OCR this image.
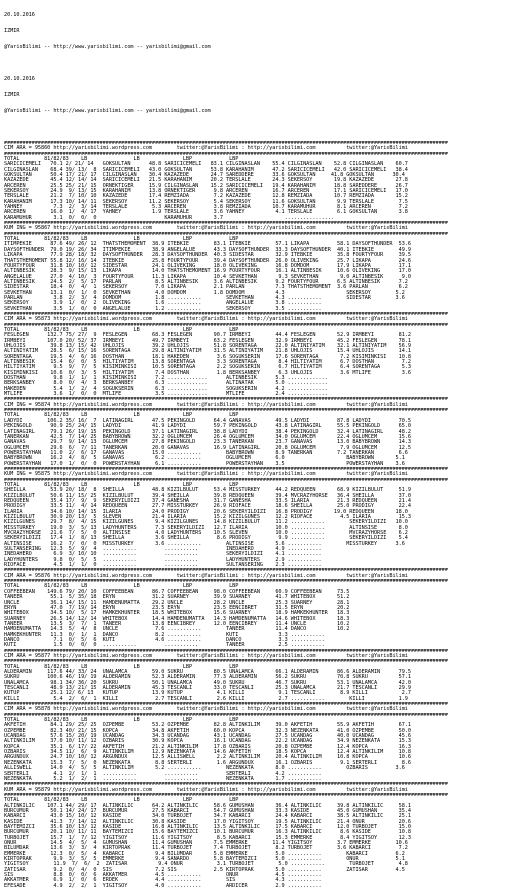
20.10.2016

IZMIR

@YarisBilimi -- http://www.yarisbilimi.com -- yarisbilimi@gmail.com

20.10.2016

IZMIR

@YarisBilimi -- http://www.yarisbilimi.com -- yarisbilimi@gmail.com

################################################################################################################################################
CIM ARA = 95860 http://yarisbilimi.wordpress.com        twitter:@YarisBilimi : http://yarisbilimi.com          twitter:@YarisBilimi
################################################################################################################################################
TOTAL        81/82/83    LB               LB              LBP            LBP
SARICICEMELI   70.1 2/ 21/ 14   GOKSULTAN      48.8 SARICICEMELI   83.1 CILGINASLAN    55.4 CILGINASLAN    52.8 CILGINASLAN    60.7
CILGINASLAN    68.4 39/ 13/  8  SARICICEMELI   43.0 GOKSULTAN      53.8 KARAHANIM      47.2 SARICICEMELI   42.0 SARICICEMELI   38.4
GOKSULTAN      50.4 17/ 21/ 17  CILGINASLAN    30.4 KAZAZEDE       24.7 SAREDDERE      33.6 GOKSULTAN     41.8 GOKSULTAN      30.4
KAZAZEDE       45.4 12/ 14/ 14  SARICICEMELI   21.5 KARAHANIM      20.2 TERSLALE       24.3 SEKERSOY       19.8 KAZAZEDE       27.8
ARCEREN        25.5 25/ 21/ 15  ORNEKTIGER     15.9 CILGINASLAN    15.2 SARICICEMELI   19.4 KARAHANIM      18.8 SAREDDERE      26.7
SEKERSOY       24.9  9/ 13/ 15  KARAHANIM      13.8 ORNEKTIGER      9.8 ARCEREN        16.7 ARCEREN        17.1 SARICICEMELI   17.0
TERSLALE       21.2  7/ 10/ 10  KAZAZEDE       17.4 REMZIADA        7.2 KAZAZEDE       12.8 REMZIADA       10.7 REMZIADA       15.2
KARAHANIM      17.3 10/ 14/ 11  SEKERSOY       11.2 SEKERSOY        5.4 SEKERSOY       11.6 GOKSULTAN       9.9 TERSLALE        7.5
YAHNEY          7.3  2/  3/ 14  TERSLALE        5.3 ARCEREN         3.8 REMZIADA       10.7 KARAMUHUR       8.1 ARCEREN         7.2
ARCEREN        16.0  1/  4/ 17  YAHNEY          1.9 TERSLALE        3.6 YAHNEY          4.1 TERSLALE        6.1 GOKSULTAN       3.8
KARAMUHUR       3.1  0/  0/  0                      KARAMUHUR       3.7                    ................
################################################################################################################################################
KUM ING = 95867 http://yarisbilimi.wordpress.com        twitter:@YarisBilimi : http://yarisbilimi.com          twitter:@YarisBilimi
################################################################################################################################################
TOTAL        81/82/83    LB               LB              LBP            LBP
ITIMPEKIE      87.6 49/ 26/ 12  THATSTHEMOMENT  38.9 ITEBKIE        83.1 ITEBKIE        57.1 LIKAPA         58.1 DAYSOFTHUNDER  53.6
DAYSOFTHUNDER  79.0 19/ 26/ 34  ITIMPEKIE       38.9 ANGELALUE      43.3 DAYSOFTHUNDER  33.3 DAYSOFTHUNDER  40.1 ITEBKIE        49.9
LIKAPA         77.9 28/ 18/ 32  DAYSOFTHUNDER   28.3 DAYSOFTHUNDER  40.3 SIDESTAR       32.9 ITEBKIE        35.8 FOURTYFOUR     39.5
THATSTHEMOMENT 55.8 12/ 16/ 14  ITEBKIE         25.8 FOURTYFOUR     39.4 DAYSOFTHUNDER  26.0 OLIVEKING      25.7 LIKAPA         24.6
FOURTYFOUR     31.8 10/ 10/ 12  SIDESTAR        24.1 OLIVEKING      18.0 OLIVEKING      16.8 DOMDOM         17.9 LIKAPA         17.1
ALTINBESIK     28.3  9/ 15/ 13  LIKAPA          14.0 THATSTHEMOMENT 16.9 FOURTYFOUR     16.1 ALTINBESIK     10.6 OLIVEKING      17.0
ANGELALUE      27.0  4/ 10/  3  FOURTYFOUR      11.3 LIKAPA         10.4 SEVKETHAN       9.3 SEVKETHAN       9.0 ALTINBESIK      9.0
ALTINBESIK     24.5  2/  5/ 17  PARLAN           8.5 ALTINBESIK     3.6 ALTINBESIK      9.2 FOURTYFOUR      6.5 ALTINBESIK      7.2
SIDESTAR       18.4  0/  4/  1  SEKERSOY         7.0 LIKAPA         2.1 PARLAN          7.3 THATSTHEMOMENT  3.6 PARLAN          6.2
SEVKETHAN      13.1  0/  1/  0  SEVKETHAN        4.0 DOMDOM         1.8 DOMDOM          4.3                    SEKERSOY        5.2
PARLAN          3.8  2/  3/  4  DOMDOM           1.8 ...........        SEVKETHAN       4.3 ...........        SIDESTAR        3.6
SEKERSOY        3.9  1/  0/  2  OLIVEKING        1.6 ...........        ANGELALUE       3.8 ...........
SEVKETHAN       3.5  1/  0/  0  ANGELALUE        1.2 ...........        SEKERSOY        3.5 ...........
################################################################################################################################################
CIM ARA = 95873 http://yarisbilimi.wordpress.com        twitter:@YarisBilimi : http://yarisbilimi.com          twitter:@YarisBilimi
################################################################################################################################################
TOTAL        81/82/83    LB               LB              LBP            LBP
FESLEGEN      132.7 75/ 27/  9  FESLEGEN        68.3 FESLEGEN       90.7 IRMBEYI        44.4 FESLEGEN       52.9 IRMBEYI        81.2
IRMBEYI       107.0 20/ 52/ 37  IRMBEYI         49.7 IRMBEYI        63.2 FESLEGEN       32.9 IRMBEYI        45.2 FESLEGEN       78.1
UHLOJIS        39.8 13/ 15/ 42  UHLOJIS         39.2 UHLOJIS        51.8 SORENTAGA      22.0 ALTINIYATIM    32.1 ALTINIYATIM    56.9
ALTINIYATIM    28.5  6/ 15/ 16  SORENTAGA       29.8 ALTINIYATIM    31.5 ALTINIYATIM    21.8 UHLOJIS        15.4 UHLOJIS        14.1
SORENTAGA      19.5  4/  6/ 16  DOSTHAN         18.1 HAKEDEN         3.6 SOGUKSERIN     17.6 SORENTAGA       7.2 KISIMINKISI    10.8
ALTINBESIK     15.4  6/  0/  5  HILTIYATIM      13.8 SORENTAGA       3.3 SORENTAGA       8.4 HILTIYATIM      6.7 DOSTHAN         7.2
HILTIYATIM      9.5  9/  7/  5  KISIMINKISI     10.5 SORENTAGA       2.2 SOGUKSERIN      6.7 HILTIYATIM      6.4 SORENTAGA       5.3
KISIMINKISI    10.6  0/  3/  5  HILTIYATIM       7.4 DOSTHAN         1.8 BERKSANBEY      6.3 UHLOJIS         3.6 MTLIFE          3.6
DOSTHAN         9.8  1/  1/  1  KISIMINKISI      7.2 .............      ALTINBESIK      5.3 .............
BERKSANBEY      8.0  0/  4/  3  BERKSANBEY       6.3 .............      ALTINATAK       5.0 .............
HAKEDEN         5.4  1/  2/  4  SOGUKSERIN       6.3 .............      SOGUKSERIN      4.2 .............
MTLIFE          3.6  1/  0/  0  MTLIFE           3.5 .............      MTLIFE          2.4 .............
################################################################################################################################################
CIM ING = 95874 http://yarisbilimi.wordpress.com        twitter:@YarisBilimi : http://yarisbilimi.com          twitter:@YarisBilimi
################################################################################################################################################
TOTAL        81/82/83    LB               LB              LBP            LBP
LADYDI        106.2 35/ 16/  7  LATINAGIRL      47.5 PEKINGOLD      64.4 GANAVAS        49.5 LADYDI         87.8 LADYDI         70.5
PEKINGOLD      90.9 25/ 24/ 15  LADYDI          41.9 LADYDI         59.7 PEKINGOLD      43.8 LATINAGIRL     55.5 PEKINGOLD      65.0
LATINAGIRL     79.1 26/ 19/ 15  PEKINGOLD       37.1 LATINAGIRL     38.8 LADYDI         38.4 PEKINGOLD      32.4 LATINAGIRL     48.2
TANERKAN       42.5  7/ 14/ 25  BABYBROWN       32.2 OGLUMCEM       26.4 OGLUMCEM       34.0 OGLUMCEM       22.4 OGLUMCEM       15.6
GANAVAS        29.7  9/ 14/ 13  OGLUMCEM        27.8 PEKINGOLD      23.3 TANERKAN       23.7 GANAVAS        13.0 BABYBROWN      14.3
OGLUMCEM       29.6  6/  7/ 11  TANERKAN        20.0 GANAVAS        16.9 LATINAGIRL     20.8 OGLUMCEM        7.9 OGLUMCEM       12.5
POWERSTAYHAN   11.0  2/  6/ 17  GANAVAS         15.0 ...........        BABYBROWN       8.9 TANERKAN        7.2 TANERKAN        6.6
BABYBROWN      16.2  4/  8/  5  GANAVAS          6.2 ...........        OGLUMCEM        6.0                    BABYBROWN       5.1
POWERSTAYHAN   17.0  1/  0/  0  POWERSTAYHAN     6.1 ...........        POWERSTAYHAN    3.5                    POWERSTAYHAN    3.6
################################################################################################################################################
KUM ING = 95875 http://yarisbilimi.wordpress.com        twitter:@YarisBilimi : http://yarisbilimi.com          twitter:@YarisBilimi
################################################################################################################################################
TOTAL        81/82/83    LB               LB              LBP            LBP
SHEILLA        53.9 20/ 18/  8  SHEILLA         48.8 KIZILBULUT     53.4 MISSTURKEY     44.2 REDQUEEN       68.9 KIZILBULUT     51.9
KIZILBULUT     50.6 11/ 15/ 25  KIZILBULUT      39.4 SHEILLA        39.8 REDQUEEN       39.4 MVCRAZYHORSE   36.4 SHEILLA        37.0
REDQUEEN       35.4 17/  9/  9  SEKERYILDIZI    37.4 GANESHA        31.7 GANESHA        33.5 ILARIA         21.3 REDQUEEN       21.4
PRODIGY        33.5 11/  4/ 14  REDQUEEN        27.7 MISSTURKEY     26.9 RIOFACE        18.6 SHEILLA        25.0 PRODIGY        22.4
ILARIA         34.6 10/ 14/ 15  ILARIA          24.0 PRODIGY        20.6 SEKERYILDIZI   16.8 PRODIGY       19.0 REDQUEEN       18.0
KIZILBULUT     30.9 20/ 13/  5  SLEVEN          21.4 ILARIA         15.2 KIZILGUNES     12.2 RIOFACE         4.5 ILARIA         15.3
KIZILGUNES     29.7  8/  4/ 15  KIZILGUNES       9.4 KIZILGUNES     14.8 KIZILBULUT     11.2 ...........        SEKERYILDIZI   10.0
MISSTURKEY     19.0  3/  5/ 13  LADYHUNTERS      7.3 SEKERYILDIZI   12.7 ILARIA         10.0 ...........        ALTINSISE       8.0
MVCRAZYHORSE   21.6  7/  5/  0  ALTINSISE        4.0 LADYHUNTERS    10.5 SLEVEN         10.0 ...........        MVCRAZYHORSE    6.2
SEKERYILDIZI   17.4  1/  8/ 13  SHEILLA          3.6 SHEILLA         8.6 PRODIGY         9.9 ...........        SEKERYILDIZI    5.4
ALTINSISE      16.2  7/  0/  0  MISSTURKEY       3.6 ...........        ALTINSISE       5.6 ...........        MISSTURKEY      3.6
SULTANSERING   12.3  5/  9/  4  ...........         ...........         INEDAHERO       4.9 ...........
INEDAHERO       6.9  3/ 10/ 10  ...........         ...........         SEKERYILDIZI    4.1 ...........
LADYHUNTERS     9.8  0/  5/  5  ...........         ...........         LADYHUNTERS     2.9 ...........
RIOFACE         4.5  1/  1/  0  ...........         ...........         SULTANSERING    2.3 ...........
################################################################################################################################################
CIM ARA = 95876 http://yarisbilimi.wordpress.com        twitter:@YarisBilimi : http://yarisbilimi.com          twitter:@YarisBilimi
################################################################################################################################################
TOTAL        81/82/83    LB               LB              LBP            LBP
COFFEEBEAN    149.6 79/ 20/ 10  COFFEEBEAN      86.7 COFFEEBEAN     98.0 COFFEEBEAN     60.9 COFFEEBEAN     73.5
TANEER         55.1  5/ 35/ 18  ERYN            31.2 SUARNEY        39.9 SUARNEY        41.7 WHITEBOX       51.2
UNCLE          36.1 14/ 15/ 11  HAMDENUMATTA    29.2 UNCLE          28.2 UNCLE          25.3 SUARNEY        28.1
ERYN           47.0  7/ 19/ 14  ERYN            23.5 ERYN           23.5 EENCIBRET      31.5 ERYN           20.2
WHITEBOX       34.5 10/  5/ 17  HAMKEKHUNTER    18.5 WHITEBOX       15.6 SUARNEY        18.9 HAMKEKHUNTER   18.3
SUARNEY        26.5 14/ 12/ 14  WHITEBOX        14.4 HAMDENUMATTA   14.3 HAMDENUMATTA   14.6 WHITEBOX       18.3
TANEER         13.5  3/  7/  1  TANEER          13.8 EENCIBREY      12.0 EENCIBREY      11.4 UNCLE          10.2
HAMDENUMATTA   14.3  5/  4/  8  UNCLE            7.6 ...........        TANEER          11.4 DANCO          10.2
HAMKEKHUNTER   11.3  0/  1/  1  DANCO            8.2 ...........        KUTI             3.3 ...........
DANCO           7.1  0/  5/  6  KUTI             4.6 ...........        DANCO            3.3 ...........
KUTI            1.5  0/  0/  0  ...........         ...........         TANEER           2.5 ...........
################################################################################################################################################
CIM ARA = 95877 http://yarisbilimi.wordpress.com        twitter:@YarisBilimi : http://yarisbilimi.com          twitter:@YarisBilimi
################################################################################################################################################
TOTAL        81/82/83    LB               LB              LBP            LBP
ALDERAMIN     117.6 44/ 33/ 24  UNALAMCA        59.0 SUKRU          80.5 UNALAMCA       66.1 ALDERAMIN      86.6 ALDERAMIN      79.5
SUKRU         100.6 46/ 19/ 19  ALDERAMIN       52.3 ALDERAMIN      77.3 ALDERAMIN      56.2 SUKRU          70.8 SUKRU          57.1
UNALAMCA       98.1 34/ 36/ 20  SUKRU           50.1 UNALAMCA       49.0 SUKRU          46.7 SUKRU          53.1 UNALAMCA       42.0
TESCANLI       48.9 13/ 21/ 15  ALDERAMIN       45.3 TESCANLI       33.0 TESCANLI       25.3 UNALAMCA       21.7 TESCANLI       29.9
KUTUP          25.1 12/ 6/ 13   KUTUP           13.9 KUTUP           4.1 KILLI           9.1 TESCANLI        8.9 KILLI           2.7
KILLI           5.4  2/  6/  1  KILLI            2.7 TESCANLI        2.6 KILLI           2.7 ...........        KILLI           1.9
################################################################################################################################################
CIM ARA = 95878 http://yarisbilimi.wordpress.com        twitter:@YarisBilimi : http://yarisbilimi.com          twitter:@YarisBilimi
################################################################################################################################################
TOTAL        81/82/83    LB               LB              LBP            LBP
AKFETIH        84.1 29/ 25/ 25  OZPEMBE         53.2 OZPEMBE        82.8 ALTINKILIM     39.0 AKFETIH        55.9 AKFETIH        67.1
OZPEMBE        82.3 40/ 21/ 15  KOPCA           34.8 AKFETIH        60.0 KOPCA          32.3 NEZENKATA      41.0 OZPEMBE        50.0
UCANDAG        57.6 15/ 20/ 19  UCANDAG         34.3 UCANDAG        43.1 UCANDAG        27.5 UCANDAG        40.0 UCANDAG        45.6
ALTINKILIM     37.0 10/ 11/ 12  OZBARIS         30.9 KOPCA          16.1 UCANDAG        22.2 UCANDAG        34.9 NEZENKATA      15.3
KOPCA          35.1  6/ 17/ 22  AKFETIH         21.2 ALTINKILIM     17.8 OZBARIS        20.8 OZPEMBE        12.4 KOPCA          16.3
OZBARIS        34.5 11/  6/  9  ALTINKILIM      12.9 NEZENKATA      14.6 AKFETIH        18.5 KOPCA          12.4 ALTINKILIM     10.8
ARGUNDUX       24.7 10/ 10/ 12  ARGUNDUX        12.5 ALLISWELL       2.2 ALTINKILIM     20.4 ALTINKILIM     10.8 KOPCA          10.6
NEZENKATA      15.3  7/  5/  0  NEZENKATA        8.8 SERTERLI        1.6 ARGUNDUX       16.1 OZBARIS         9.1 SERTERLI        8.6
ALLISWELL      14.0  4/  5/  5  ALTINKILIM       5.2 ...........        NEZENKATA       8.0 ...........        OZBARIS         3.6
SERTERLI        4.1  2/  1/  1  ...........         ...........         SERTERLI        4.2 ...........
NEZENKATA       5.2  1/  2/  1  ...........         ...........         NEZENKATA       1.7 ...........
################################################################################################################################################
KUM ARA = 95879 http://yarisbilimi.wordpress.com        twitter:@YarisBilimi : http://yarisbilimi.com          twitter:@YarisBilimi
################################################################################################################################################
TOTAL        81/82/83    LB               LB              LBP            LBP
ALTINKILIC    107.1 44/ 29/ 17  ALTINKILIC      64.2 ALTINKILIC     58.6 GUMUSHAN       36.4 ALTINKILIC     39.8 ALTINKILIC     58.1
BURCUMUR       50.1 14/ 24/ 17  BURCUMUR        27.5 KABARCI        54.7 GUMUSHAN       33.3 KASIDE         45.0 GUMUSHAN       35.4
KABARCI        43.0 15/ 10/ 12  KASIDE          34.0 TURBOJET       34.7 KABARCI        24.4 KABARCI        38.5 ALTINKILIC     25.1
KASIDE         41.3  7/ 14/ 12  ALTINKILIC      30.8 KASIDE         17.0 YIGITSOY       19.5 ALTINKILIC     21.4 ONUR           20.6
BAYTEMIZCI     35.6 10/ 13/ 12  KASIDE          16.8 ALTINKILIC     13.5 ALTINKILIC     17.5 KABARCI        12.0 TURBOJET       15.0
BURCUMUR       20.1 10/ 11/ 11  BAYTEMIZCI      15.6 BAYTEMIZCI     10.1 BURCUMUR       16.3 ALTINKILIC      8.6 KASIDE         10.8
TURBOJET       15.7  1/  7/ 12  YIGITSOY        11.6 YIGITSOY        8.5 KABARCI        15.3 EMMERKE         8.4 YIGITSOY       12.3
ONUR           14.5  4/  5/  4  GUMUSHAN        11.4 GUMUSHAN       7.5 EMMERKE        11.4 YIGITSOY        3.7 EMMERKE        10.6
BILUMDAR       13.6  3/  3/  4  KIRTOPRAK       11.4 TURBOJET       7.4 TURBOJET        8.2 TURBOJET        3.6 KABARCI         7.2
EMMERKE        12.3  0/  5/  4  KABARCI          9.4 BILUMDAR       5.8 EMMERKE         5.0 ...........        KABARCI         6.2
KIRTOPRAK       9.9  3/  5/  5  EMMERKE          9.4 SANARDO        5.8 BAYTEMIZCI      5.0 ...........        ONUR            5.1
YIGITSOY        11.9  7/  6/  2  ZATISAR          9.4 ONUR           3.1 TURBOJET        5.0 ...........        TURBOJET        4.8
ZATISAR         9.2  0/  4/  0  SIS              7.2 SIS            2.5 KIRTOPRAK       5.0 ...........        ZATISAR         4.5
SIS             8.8  0/  0/  6  AKKATMER         4.5 ...........        ONUR            4.5 ...........
AKKATMER        6.9  1/  0/  6  ERDEK            4.4 ...........        SIS             4.3 ...........
EFESADE         4.9  2/  2/  1  YIGITSOY         4.0 ...........        ARDICER         2.9 ...........
